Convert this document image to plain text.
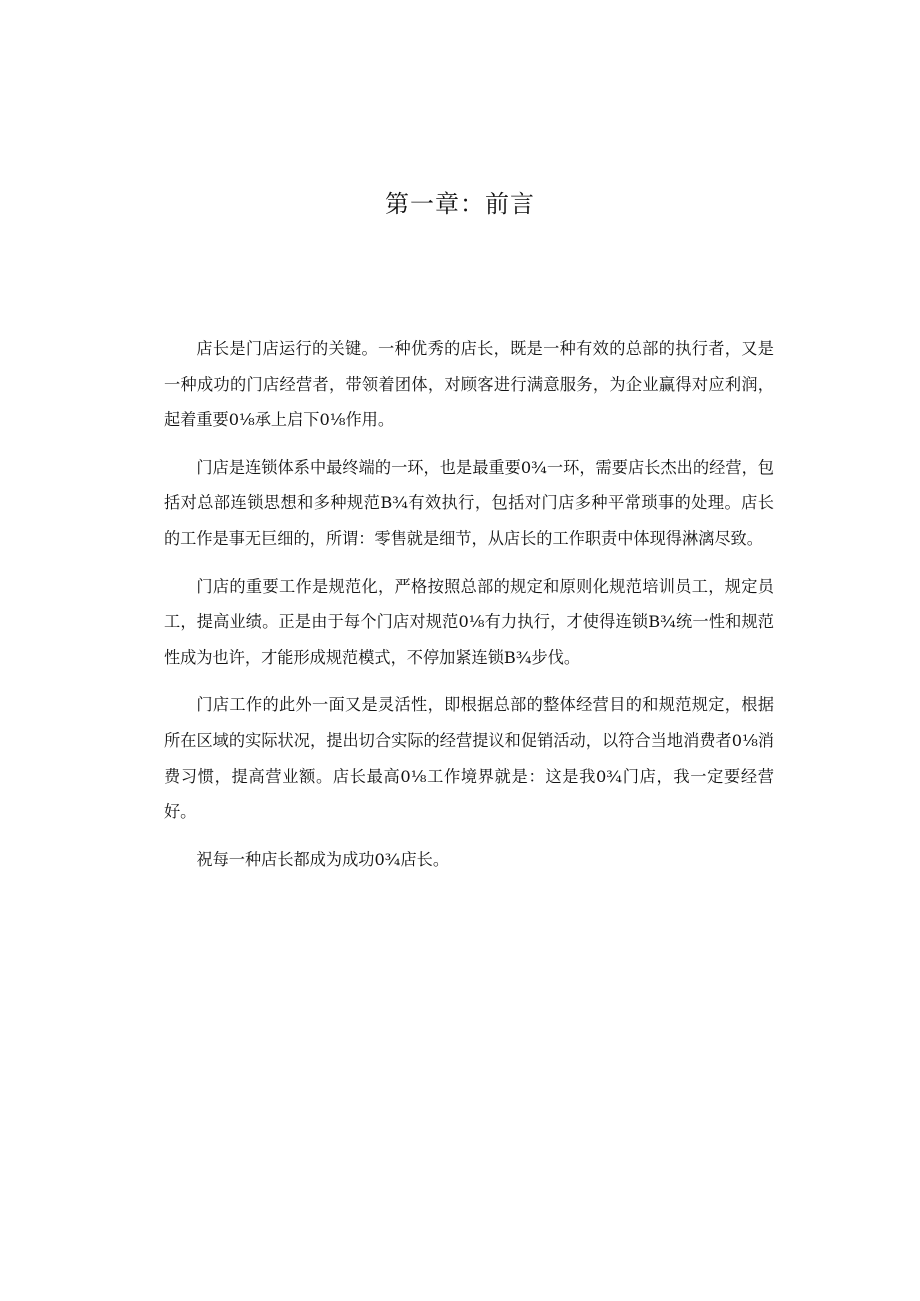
第一章：前言

店长是门店运行的关键。一种优秀的店长，既是一种有效的总部的执行者，又是一种成功的门店经营者，带领着团体，对顾客进行满意服务，为企业赢得对应利润，起着重要0⅛承上启下0⅛作用。

门店是连锁体系中最终端的一环，也是最重要0¾一环，需要店长杰出的经营，包括对总部连锁思想和多种规范B¾有效执行，包括对门店多种平常琐事的处理。店长的工作是事无巨细的，所谓：零售就是细节，从店长的工作职责中体现得淋漓尽致。

门店的重要工作是规范化，严格按照总部的规定和原则化规范培训员工，规定员工，提高业绩。正是由于每个门店对规范0⅛有力执行，才使得连锁B¾统一性和规范性成为也许，才能形成规范模式，不停加紧连锁B¾步伐。

门店工作的此外一面又是灵活性，即根据总部的整体经营目的和规范规定，根据所在区域的实际状况，提出切合实际的经营提议和促销活动，以符合当地消费者0⅛消费习惯，提高营业额。店长最高0⅛工作境界就是：这是我0¾门店，我一定要经营好。

祝每一种店长都成为成功0¾店长。
